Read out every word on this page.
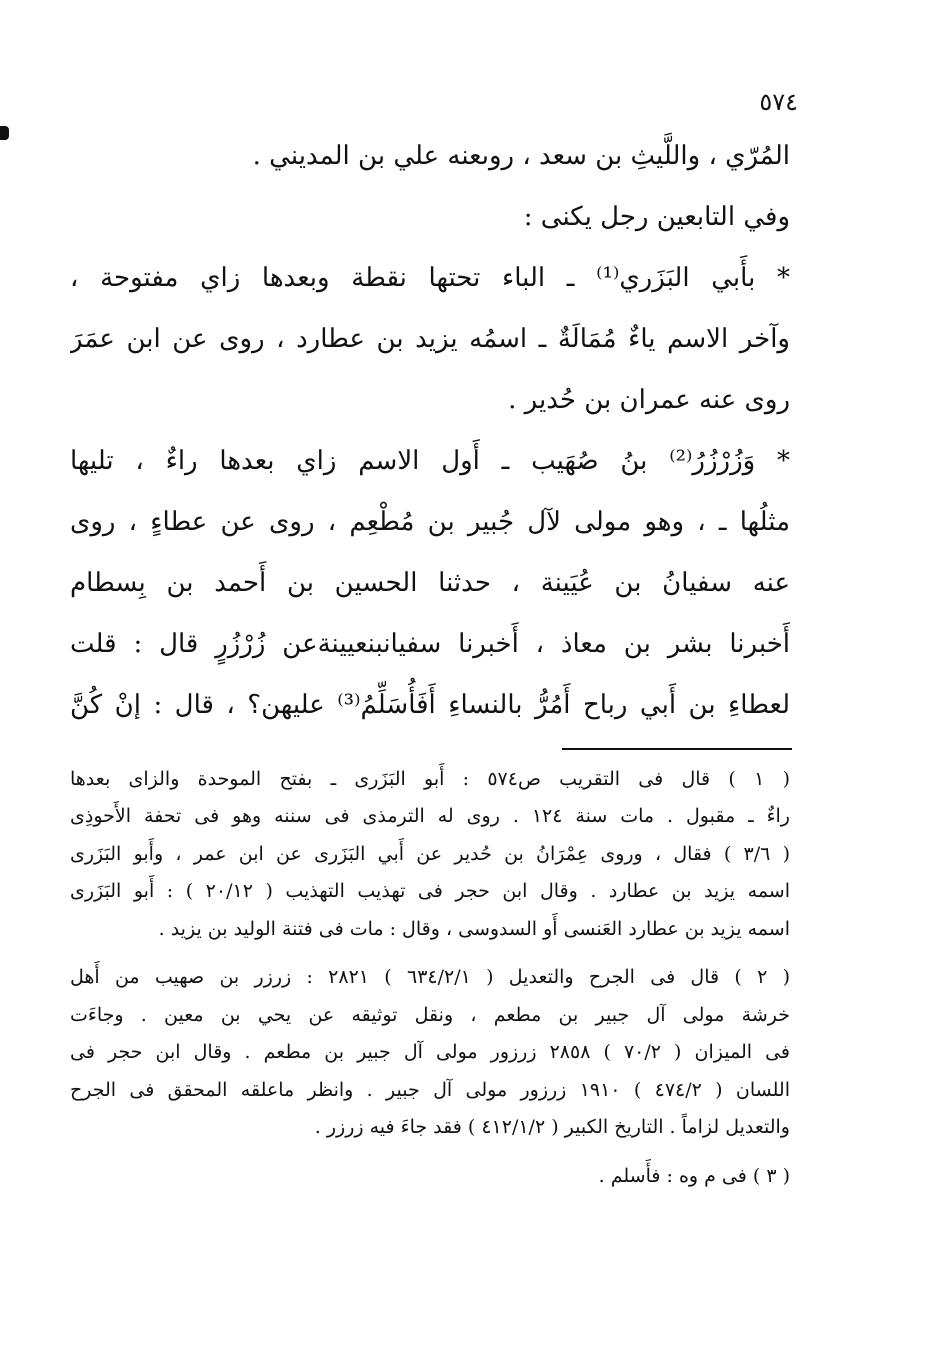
٥٧٤
المُرّي ، واللَّيثِ بن سعد ، روىعنه علي بن المديني .
وفي التابعين رجل يكنى :
* بأَبي البَزَري⁽¹⁾ ـ الباء تحتها نقطة وبعدها زاي مفتوحة ،
وآخر الاسم ياءٌ مُمَالَةٌ ـ اسمُه يزيد بن عطارد ، روى عن ابن عمَرَ
روى عنه عمران بن حُدير .
* وَزُرْزُرُ⁽²⁾ بنُ صُهَيب ـ أَول الاسم زاي بعدها راءٌ ، تليها
مثلُها ـ ، وهو مولى لآل جُبير بن مُطْعِم ، روى عن عطاءٍ ، روى
عنه سفيانُ بن عُيَينة ، حدثنا الحسين بن أَحمد بن بِسطام
أَخبرنا بشر بن معاذ ، أَخبرنا سفيانبنعيينةعن زُرْزُرٍ قال : قلت
لعطاءِ بن أَبي رباح أَمُرُّ بالنساءِ أَفَأُسَلِّمُ⁽³⁾ عليهن؟ ، قال : إنْ كُنَّ
( ١ ) قال فى التقريب ص٥٧٤ : أَبو البَزَرى ـ بفتح الموحدة والزاى بعدها
راءٌ ـ مقبول . مات سنة ١٢٤ . روى له الترمذى فى سننه وهو فى تحفة الأَحوذِى
( ٣/٦ ) فقال ، وروى عِمْرَانُ بن حُدير عن أَبي البَزَرى عن ابن عمر ، وأَبو البَزَرى
اسمه يزيد بن عطارد . وقال ابن حجر فى تهذيب التهذيب ( ٢٠/١٢ ) : أَبو البَزَرى
اسمه يزيد بن عطارد العَنسى أَو السدوسى ، وقال : مات فى فتنة الوليد بن يزيد .
( ٢ ) قال فى الجرح والتعديل ( ٦٣٤/٢/١ ) ٢٨٢١ : زرزر بن صهيب من أَهل
خرشة مولى آل جبير بن مطعم ، ونقل توثيقه عن يحي بن معين . وجاءَت
فى الميزان ( ٧٠/٢ ) ٢٨٥٨ زرزور مولى آل جبير بن مطعم . وقال ابن حجر فى
اللسان ( ٤٧٤/٢ ) ١٩١٠ زرزور مولى آل جبير . وانظر ماعلقه المحقق فى الجرح
والتعديل لزاماً . التاريخ الكبير ( ٤١٢/١/٢ ) فقد جاءَ فيه زرزر .
( ٣ ) فى م وه : فأَسلم .
